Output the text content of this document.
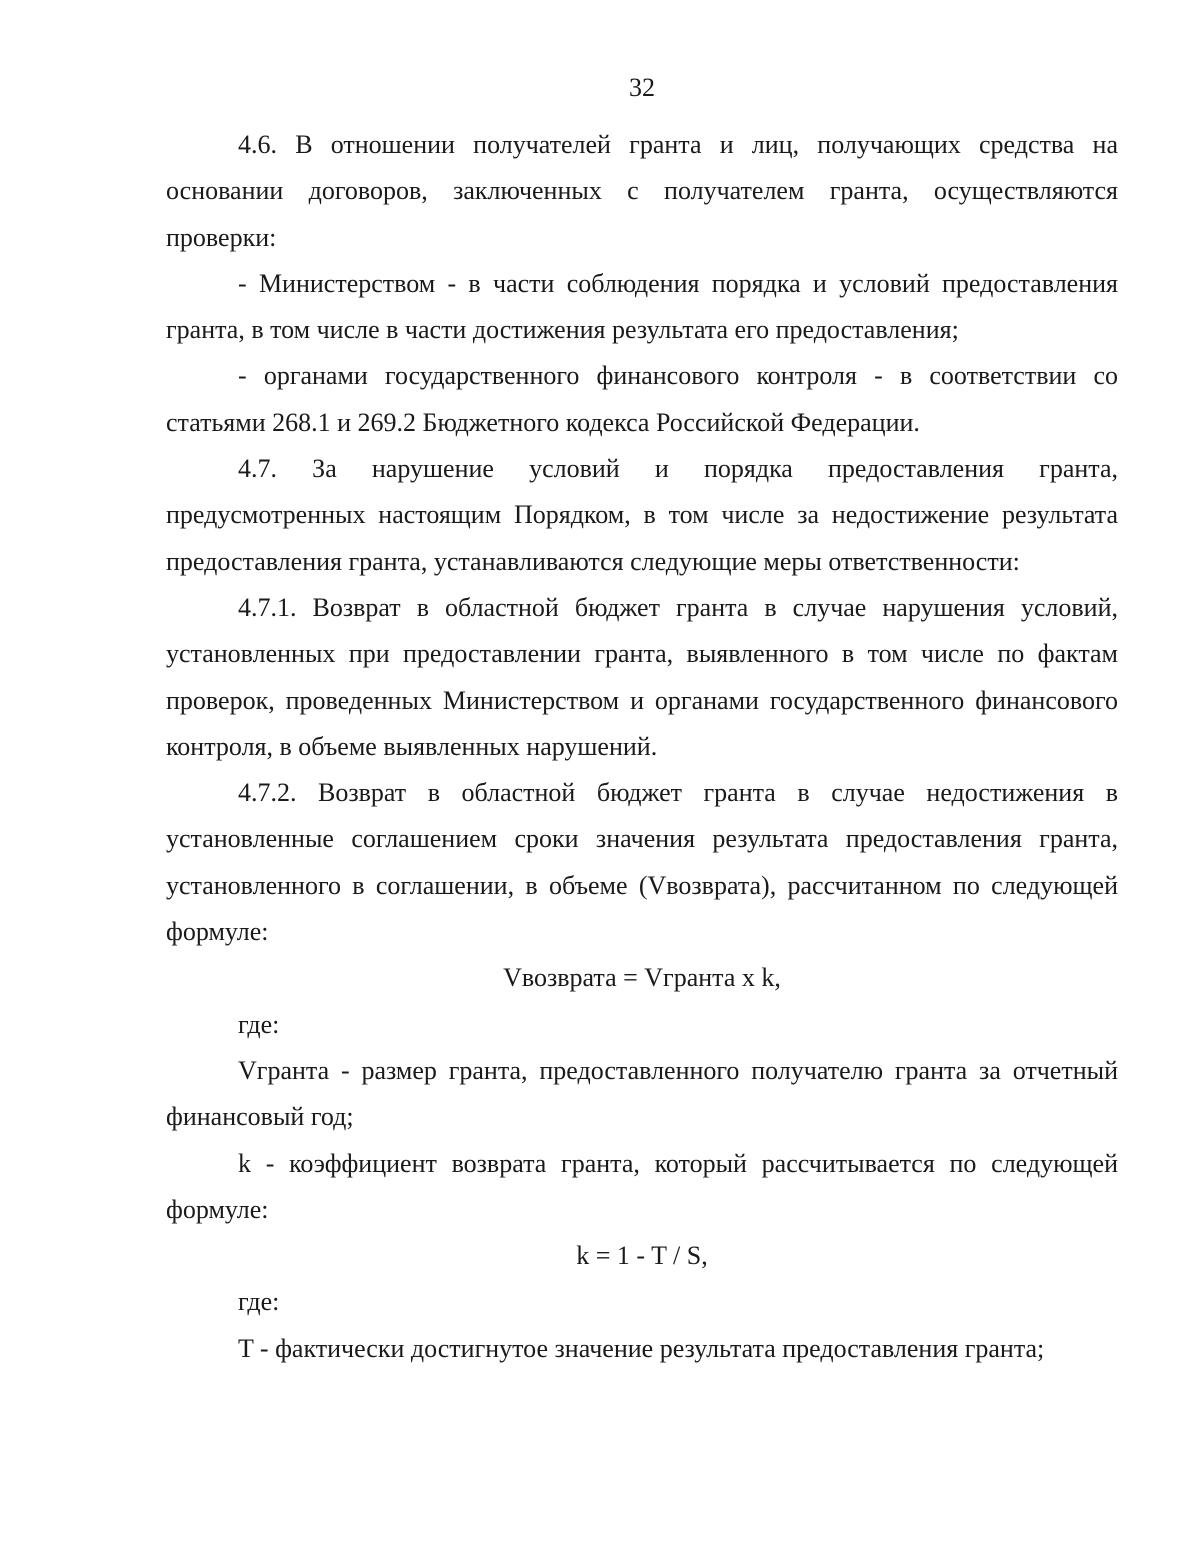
32

4.6. В отношении получателей гранта и лиц, получающих средства на основании договоров, заключенных с получателем гранта, осуществляются проверки:

- Министерством - в части соблюдения порядка и условий предоставления гранта, в том числе в части достижения результата его предоставления;

- органами государственного финансового контроля - в соответствии со статьями 268.1 и 269.2 Бюджетного кодекса Российской Федерации.

4.7. За нарушение условий и порядка предоставления гранта, предусмотренных настоящим Порядком, в том числе за недостижение результата предоставления гранта, устанавливаются следующие меры ответственности:

4.7.1. Возврат в областной бюджет гранта в случае нарушения условий, установленных при предоставлении гранта, выявленного в том числе по фактам проверок, проведенных Министерством и органами государственного финансового контроля, в объеме выявленных нарушений.

4.7.2. Возврат в областной бюджет гранта в случае недостижения в установленные соглашением сроки значения результата предоставления гранта, установленного в соглашении, в объеме (Vвозврата), рассчитанном по следующей формуле:

Vвозврата = Vгранта x k,

где:

Vгранта - размер гранта, предоставленного получателю гранта за отчетный финансовый год;

k - коэффициент возврата гранта, который рассчитывается по следующей формуле:

k = 1 - T / S,

где:

T - фактически достигнутое значение результата предоставления гранта;
